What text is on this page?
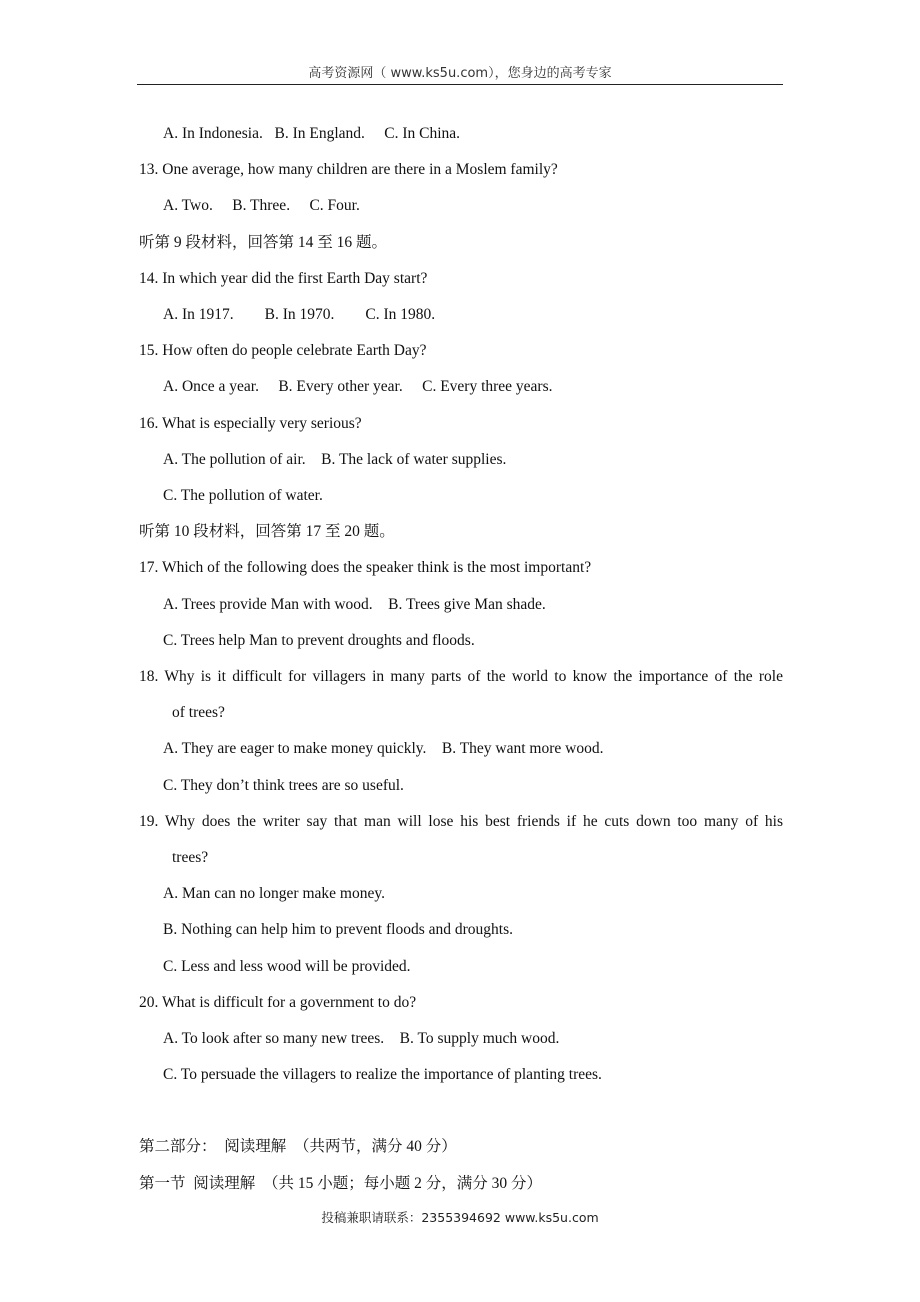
高考资源网（ www.ks5u.com），您身边的高考专家
A. In Indonesia.   B. In England.     C. In China.
13. One average, how many children are there in a Moslem family?
A. Two.     B. Three.     C. Four.
听第 9 段材料，回答第 14 至 16 题。
14. In which year did the first Earth Day start?
A. In 1917.        B. In 1970.        C. In 1980.
15. How often do people celebrate Earth Day?
A. Once a year.     B. Every other year.     C. Every three years.
16. What is especially very serious?
A. The pollution of air.    B. The lack of water supplies.
C. The pollution of water.
听第 10 段材料，回答第 17 至 20 题。
17. Which of the following does the speaker think is the most important?
A. Trees provide Man with wood.    B. Trees give Man shade.
C. Trees help Man to prevent droughts and floods.
18. Why is it difficult for villagers in many parts of the world to know the importance of the role
of trees?
A. They are eager to make money quickly.    B. They want more wood.
C. They don’t think trees are so useful.
19. Why does the writer say that man will lose his best friends if he cuts down too many of his
trees?
A. Man can no longer make money.
B. Nothing can help him to prevent floods and droughts.
C. Less and less wood will be provided.
20. What is difficult for a government to do?
A. To look after so many new trees.    B. To supply much wood.
C. To persuade the villagers to realize the importance of planting trees.
第二部分：  阅读理解  （共两节，满分 40 分）
第一节  阅读理解  （共 15 小题；每小题 2 分，满分 30 分）
投稿兼职请联系：2355394692 www.ks5u.com
